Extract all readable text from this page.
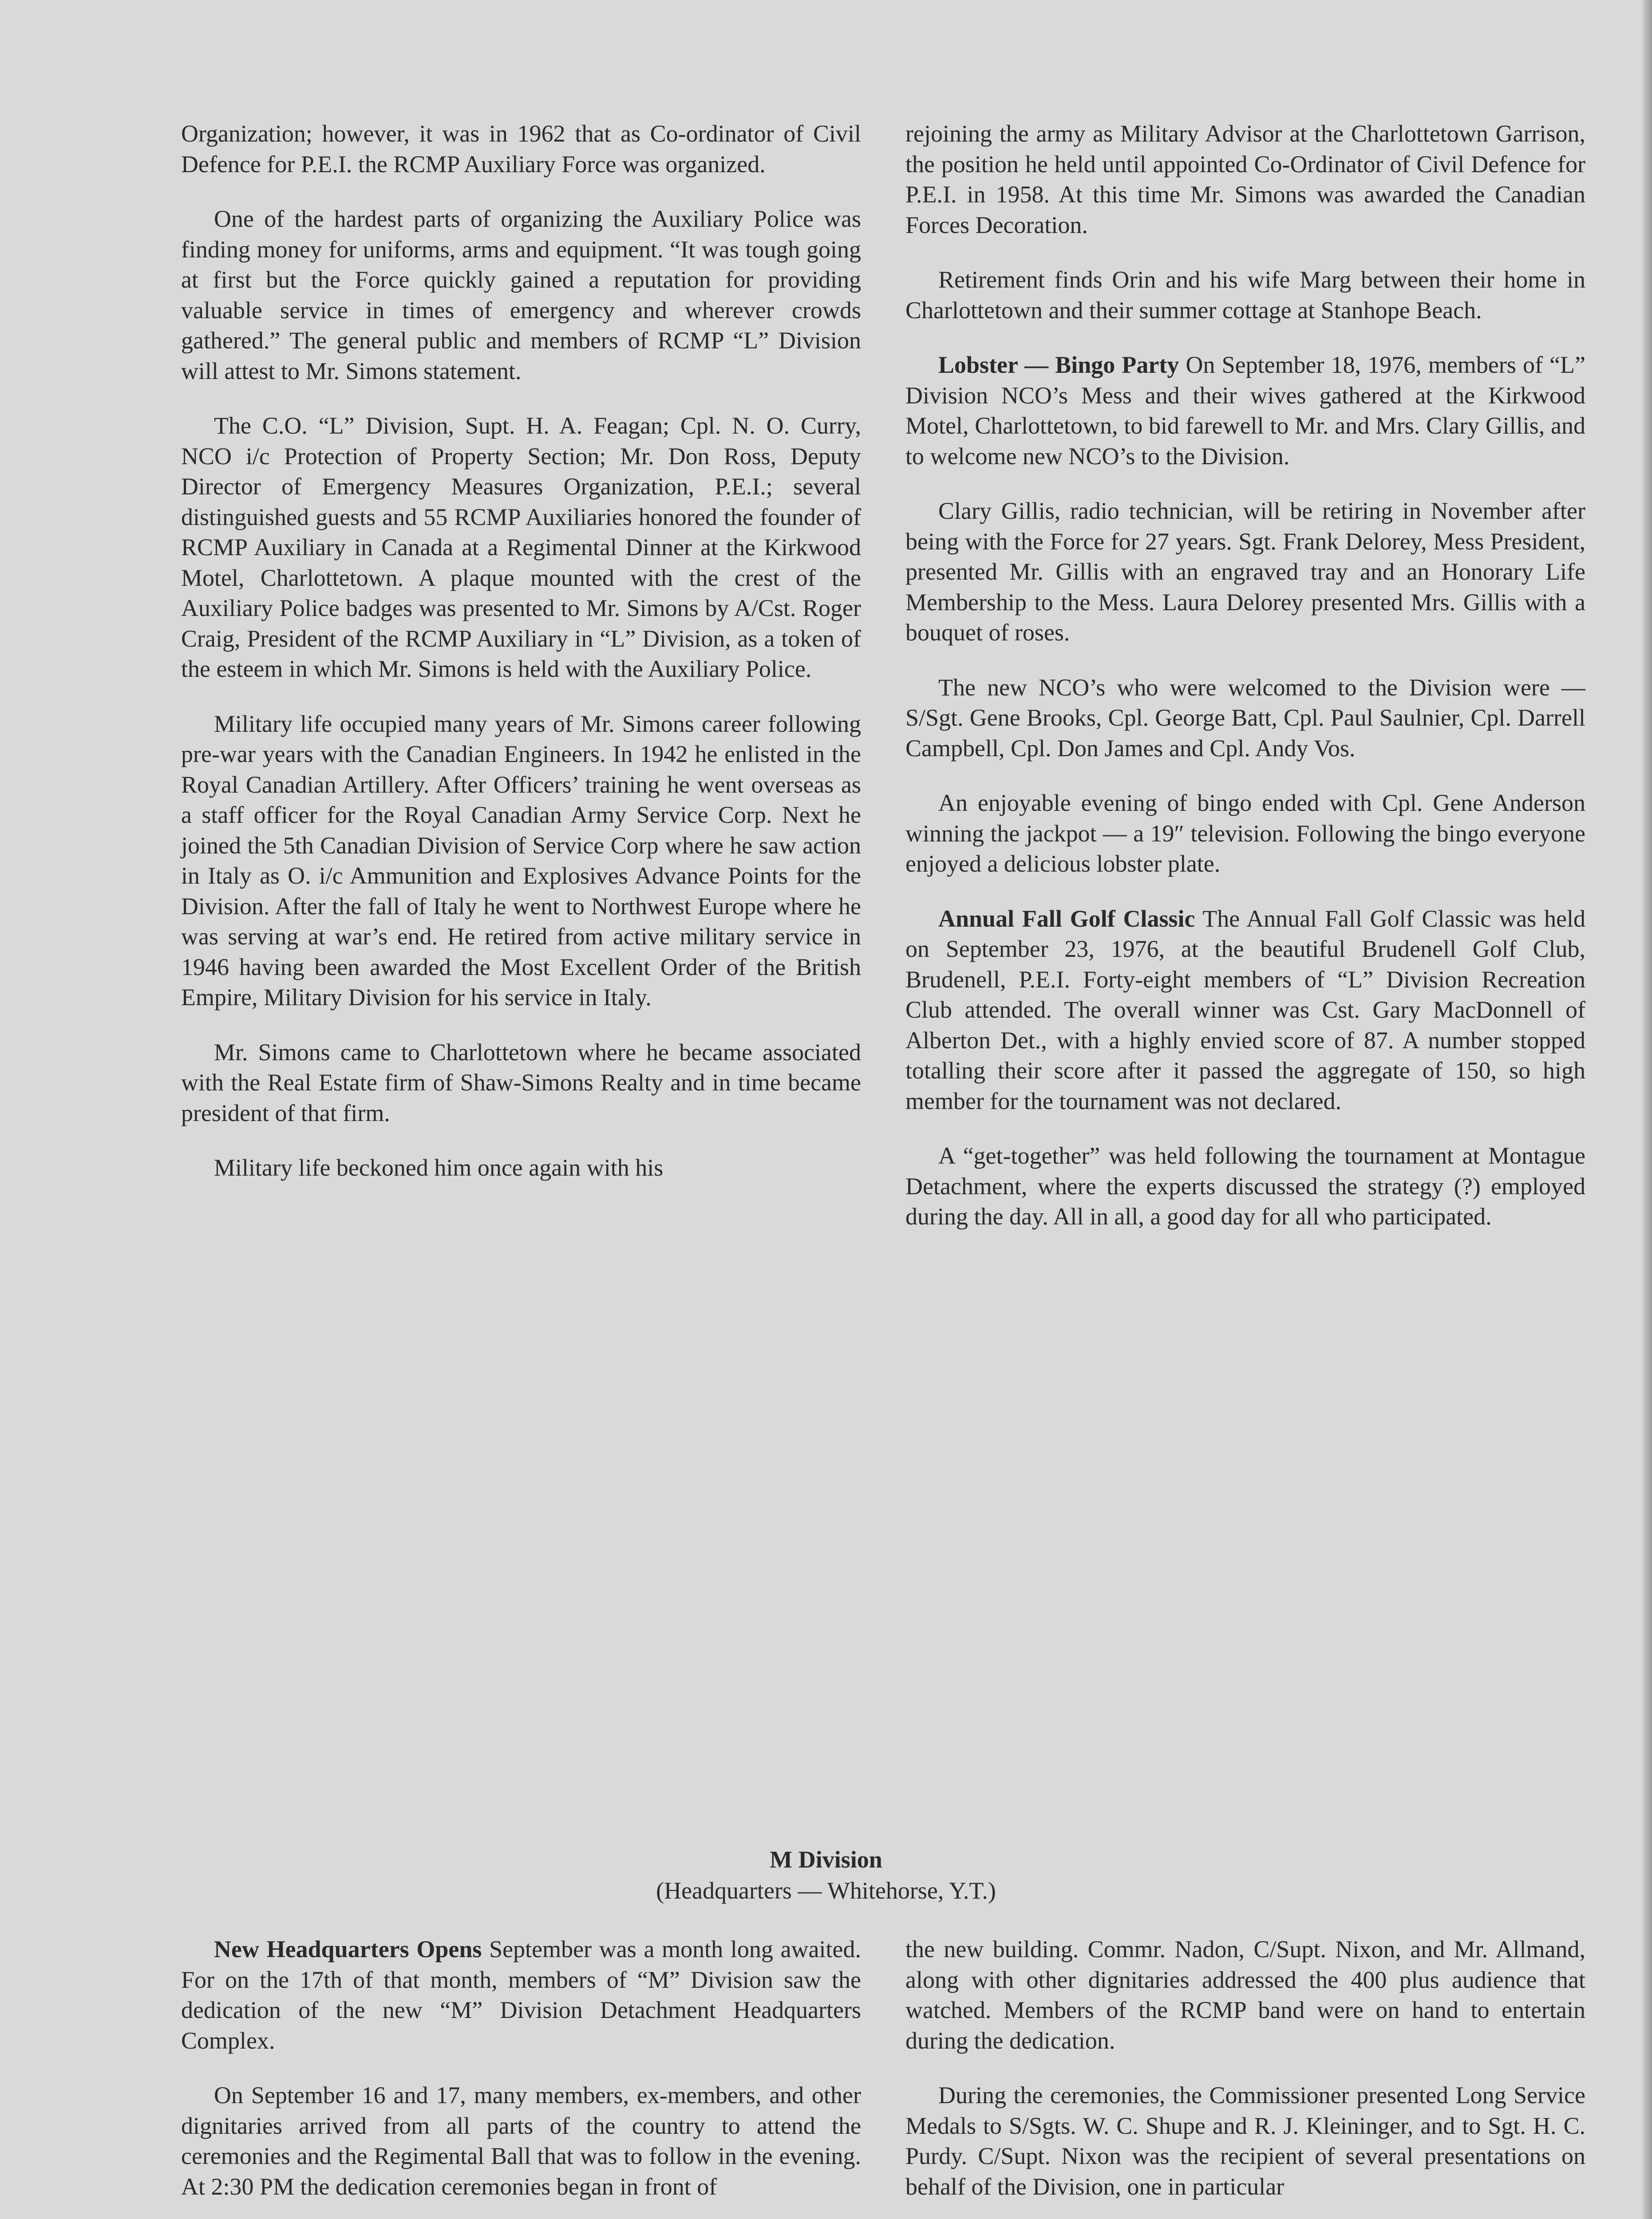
Organization; however, it was in 1962 that as Co-ordinator of Civil Defence for P.E.I. the RCMP Auxiliary Force was organized.

One of the hardest parts of organizing the Auxiliary Police was finding money for uniforms, arms and equipment. “It was tough going at first but the Force quickly gained a reputation for providing valuable service in times of emergency and wherever crowds gathered.” The general public and members of RCMP “L” Division will attest to Mr. Simons statement.

The C.O. “L” Division, Supt. H. A. Feagan; Cpl. N. O. Curry, NCO i/c Protection of Property Section; Mr. Don Ross, Deputy Director of Emergency Measures Organization, P.E.I.; several distinguished guests and 55 RCMP Auxiliaries honored the founder of RCMP Auxiliary in Canada at a Regimental Dinner at the Kirkwood Motel, Charlottetown. A plaque mounted with the crest of the Auxiliary Police badges was presented to Mr. Simons by A/Cst. Roger Craig, President of the RCMP Auxiliary in “L” Division, as a token of the esteem in which Mr. Simons is held with the Auxiliary Police.

Military life occupied many years of Mr. Simons career following pre-war years with the Canadian Engineers. In 1942 he enlisted in the Royal Canadian Artillery. After Officers’ training he went overseas as a staff officer for the Royal Canadian Army Service Corp. Next he joined the 5th Canadian Division of Service Corp where he saw action in Italy as O. i/c Ammunition and Explosives Advance Points for the Division. After the fall of Italy he went to Northwest Europe where he was serving at war’s end. He retired from active military service in 1946 having been awarded the Most Excellent Order of the British Empire, Military Division for his service in Italy.

Mr. Simons came to Charlottetown where he became associated with the Real Estate firm of Shaw-Simons Realty and in time became president of that firm.

Military life beckoned him once again with his

rejoining the army as Military Advisor at the Charlottetown Garrison, the position he held until appointed Co-Ordinator of Civil Defence for P.E.I. in 1958. At this time Mr. Simons was awarded the Canadian Forces Decoration.

Retirement finds Orin and his wife Marg between their home in Charlottetown and their summer cottage at Stanhope Beach.

Lobster — Bingo Party On September 18, 1976, members of “L” Division NCO’s Mess and their wives gathered at the Kirkwood Motel, Charlottetown, to bid farewell to Mr. and Mrs. Clary Gillis, and to welcome new NCO’s to the Division.

Clary Gillis, radio technician, will be retiring in November after being with the Force for 27 years. Sgt. Frank Delorey, Mess President, presented Mr. Gillis with an engraved tray and an Honorary Life Membership to the Mess. Laura Delorey presented Mrs. Gillis with a bouquet of roses.

The new NCO’s who were welcomed to the Division were — S/Sgt. Gene Brooks, Cpl. George Batt, Cpl. Paul Saulnier, Cpl. Darrell Campbell, Cpl. Don James and Cpl. Andy Vos.

An enjoyable evening of bingo ended with Cpl. Gene Anderson winning the jackpot — a 19″ television. Following the bingo everyone enjoyed a delicious lobster plate.

Annual Fall Golf Classic The Annual Fall Golf Classic was held on September 23, 1976, at the beautiful Brudenell Golf Club, Brudenell, P.E.I. Forty-eight members of “L” Division Recreation Club attended. The overall winner was Cst. Gary MacDonnell of Alberton Det., with a highly envied score of 87. A number stopped totalling their score after it passed the aggregate of 150, so high member for the tournament was not declared.

A “get-together” was held following the tournament at Montague Detachment, where the experts discussed the strategy (?) employed during the day. All in all, a good day for all who participated.

M Division
(Headquarters — Whitehorse, Y.T.)

New Headquarters Opens September was a month long awaited. For on the 17th of that month, members of “M” Division saw the dedication of the new “M” Division Detachment Headquarters Complex.

On September 16 and 17, many members, ex-members, and other dignitaries arrived from all parts of the country to attend the ceremonies and the Regimental Ball that was to follow in the evening. At 2:30 PM the dedication ceremonies began in front of

the new building. Commr. Nadon, C/Supt. Nixon, and Mr. Allmand, along with other dignitaries addressed the 400 plus audience that watched. Members of the RCMP band were on hand to entertain during the dedication.

During the ceremonies, the Commissioner presented Long Service Medals to S/Sgts. W. C. Shupe and R. J. Kleininger, and to Sgt. H. C. Purdy. C/Supt. Nixon was the recipient of several presentations on behalf of the Division, one in particular
